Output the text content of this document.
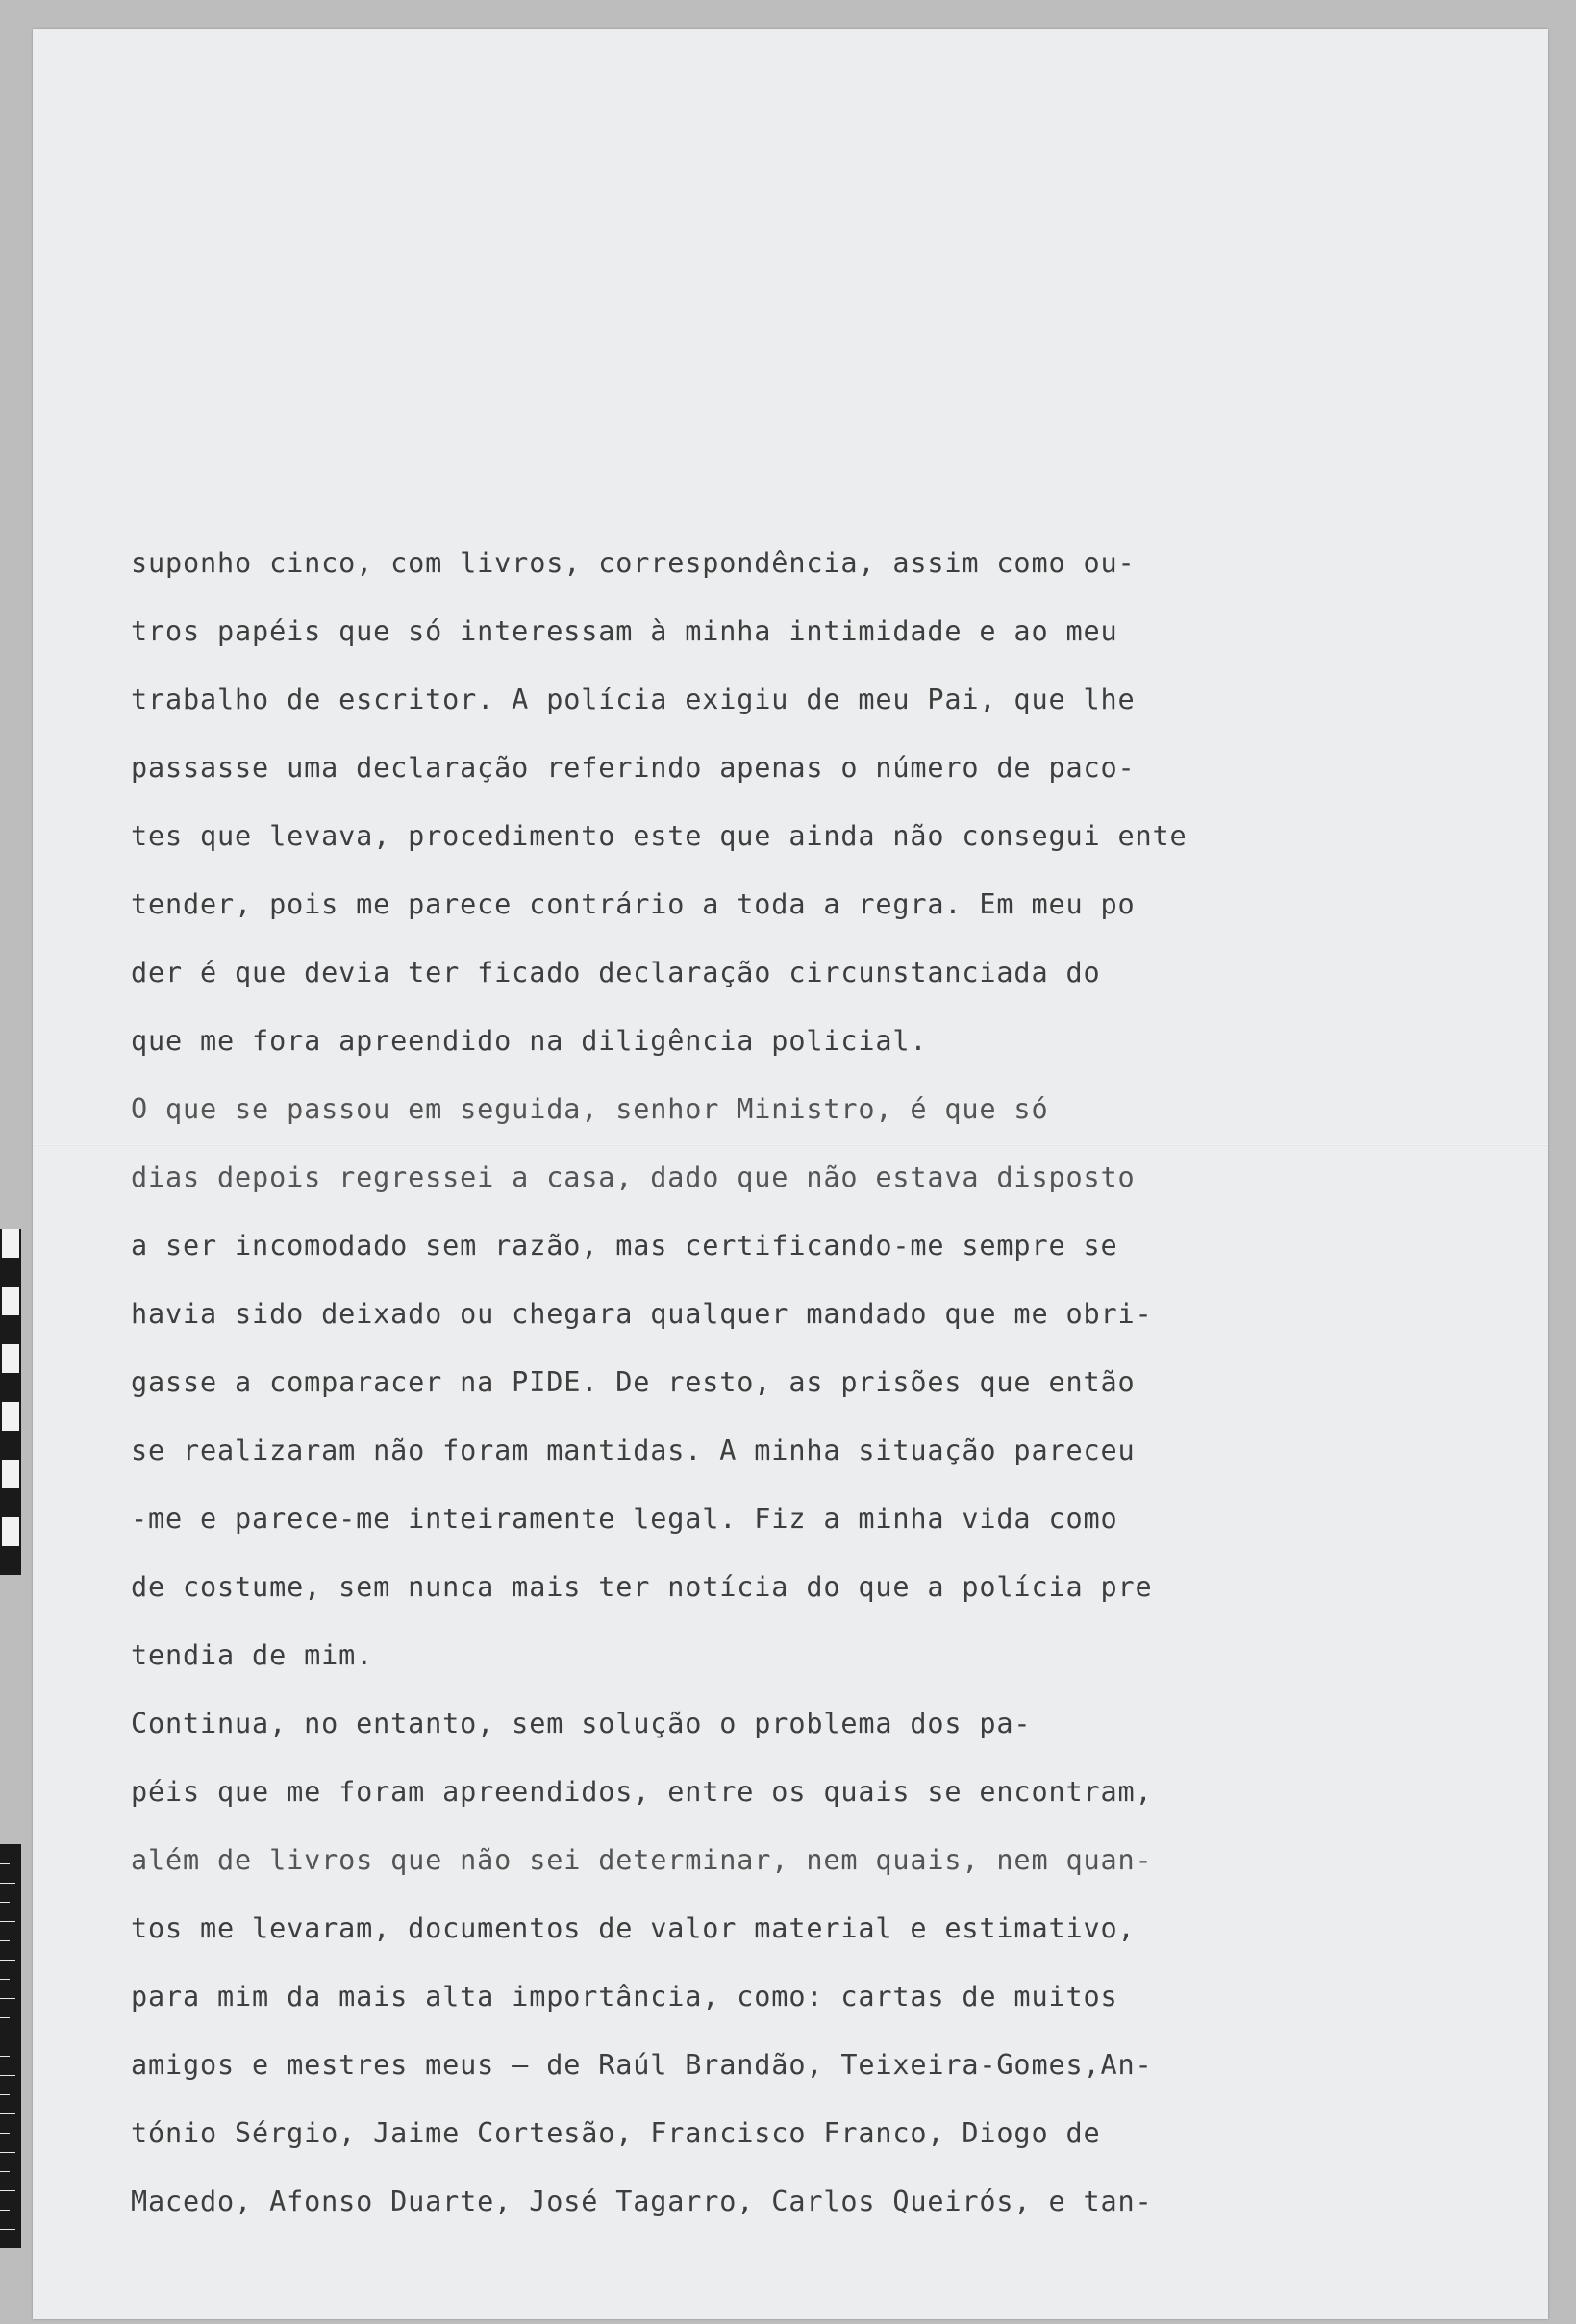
suponho cinco, com livros, correspondência, assim como ou-
tros papéis que só interessam à minha intimidade e ao meu
trabalho de escritor. A polícia exigiu de meu Pai, que lhe
passasse uma declaração referindo apenas o número de paco-
tes que levava, procedimento este que ainda não consegui ente
tender, pois me parece contrário a toda a regra. Em meu po
der é que devia ter ficado declaração circunstanciada do
que me fora apreendido na diligência policial.
O que se passou em seguida, senhor Ministro, é que só
dias depois regressei a casa, dado que não estava disposto
a ser incomodado sem razão, mas certificando-me sempre se
havia sido deixado ou chegara qualquer mandado que me obri-
gasse a comparacer na PIDE. De resto, as prisões que então
se realizaram não foram mantidas. A minha situação pareceu
-me e parece-me inteiramente legal. Fiz a minha vida como
de costume, sem nunca mais ter notícia do que a polícia pre
tendia de mim.
Continua, no entanto, sem solução o problema dos pa-
péis que me foram apreendidos, entre os quais se encontram,
além de livros que não sei determinar, nem quais, nem quan-
tos me levaram, documentos de valor material e estimativo,
para mim da mais alta importância, como: cartas de muitos
amigos e mestres meus — de Raúl Brandão, Teixeira-Gomes,An-
tónio Sérgio, Jaime Cortesão, Francisco Franco, Diogo de
Macedo, Afonso Duarte, José Tagarro, Carlos Queirós, e tan-
